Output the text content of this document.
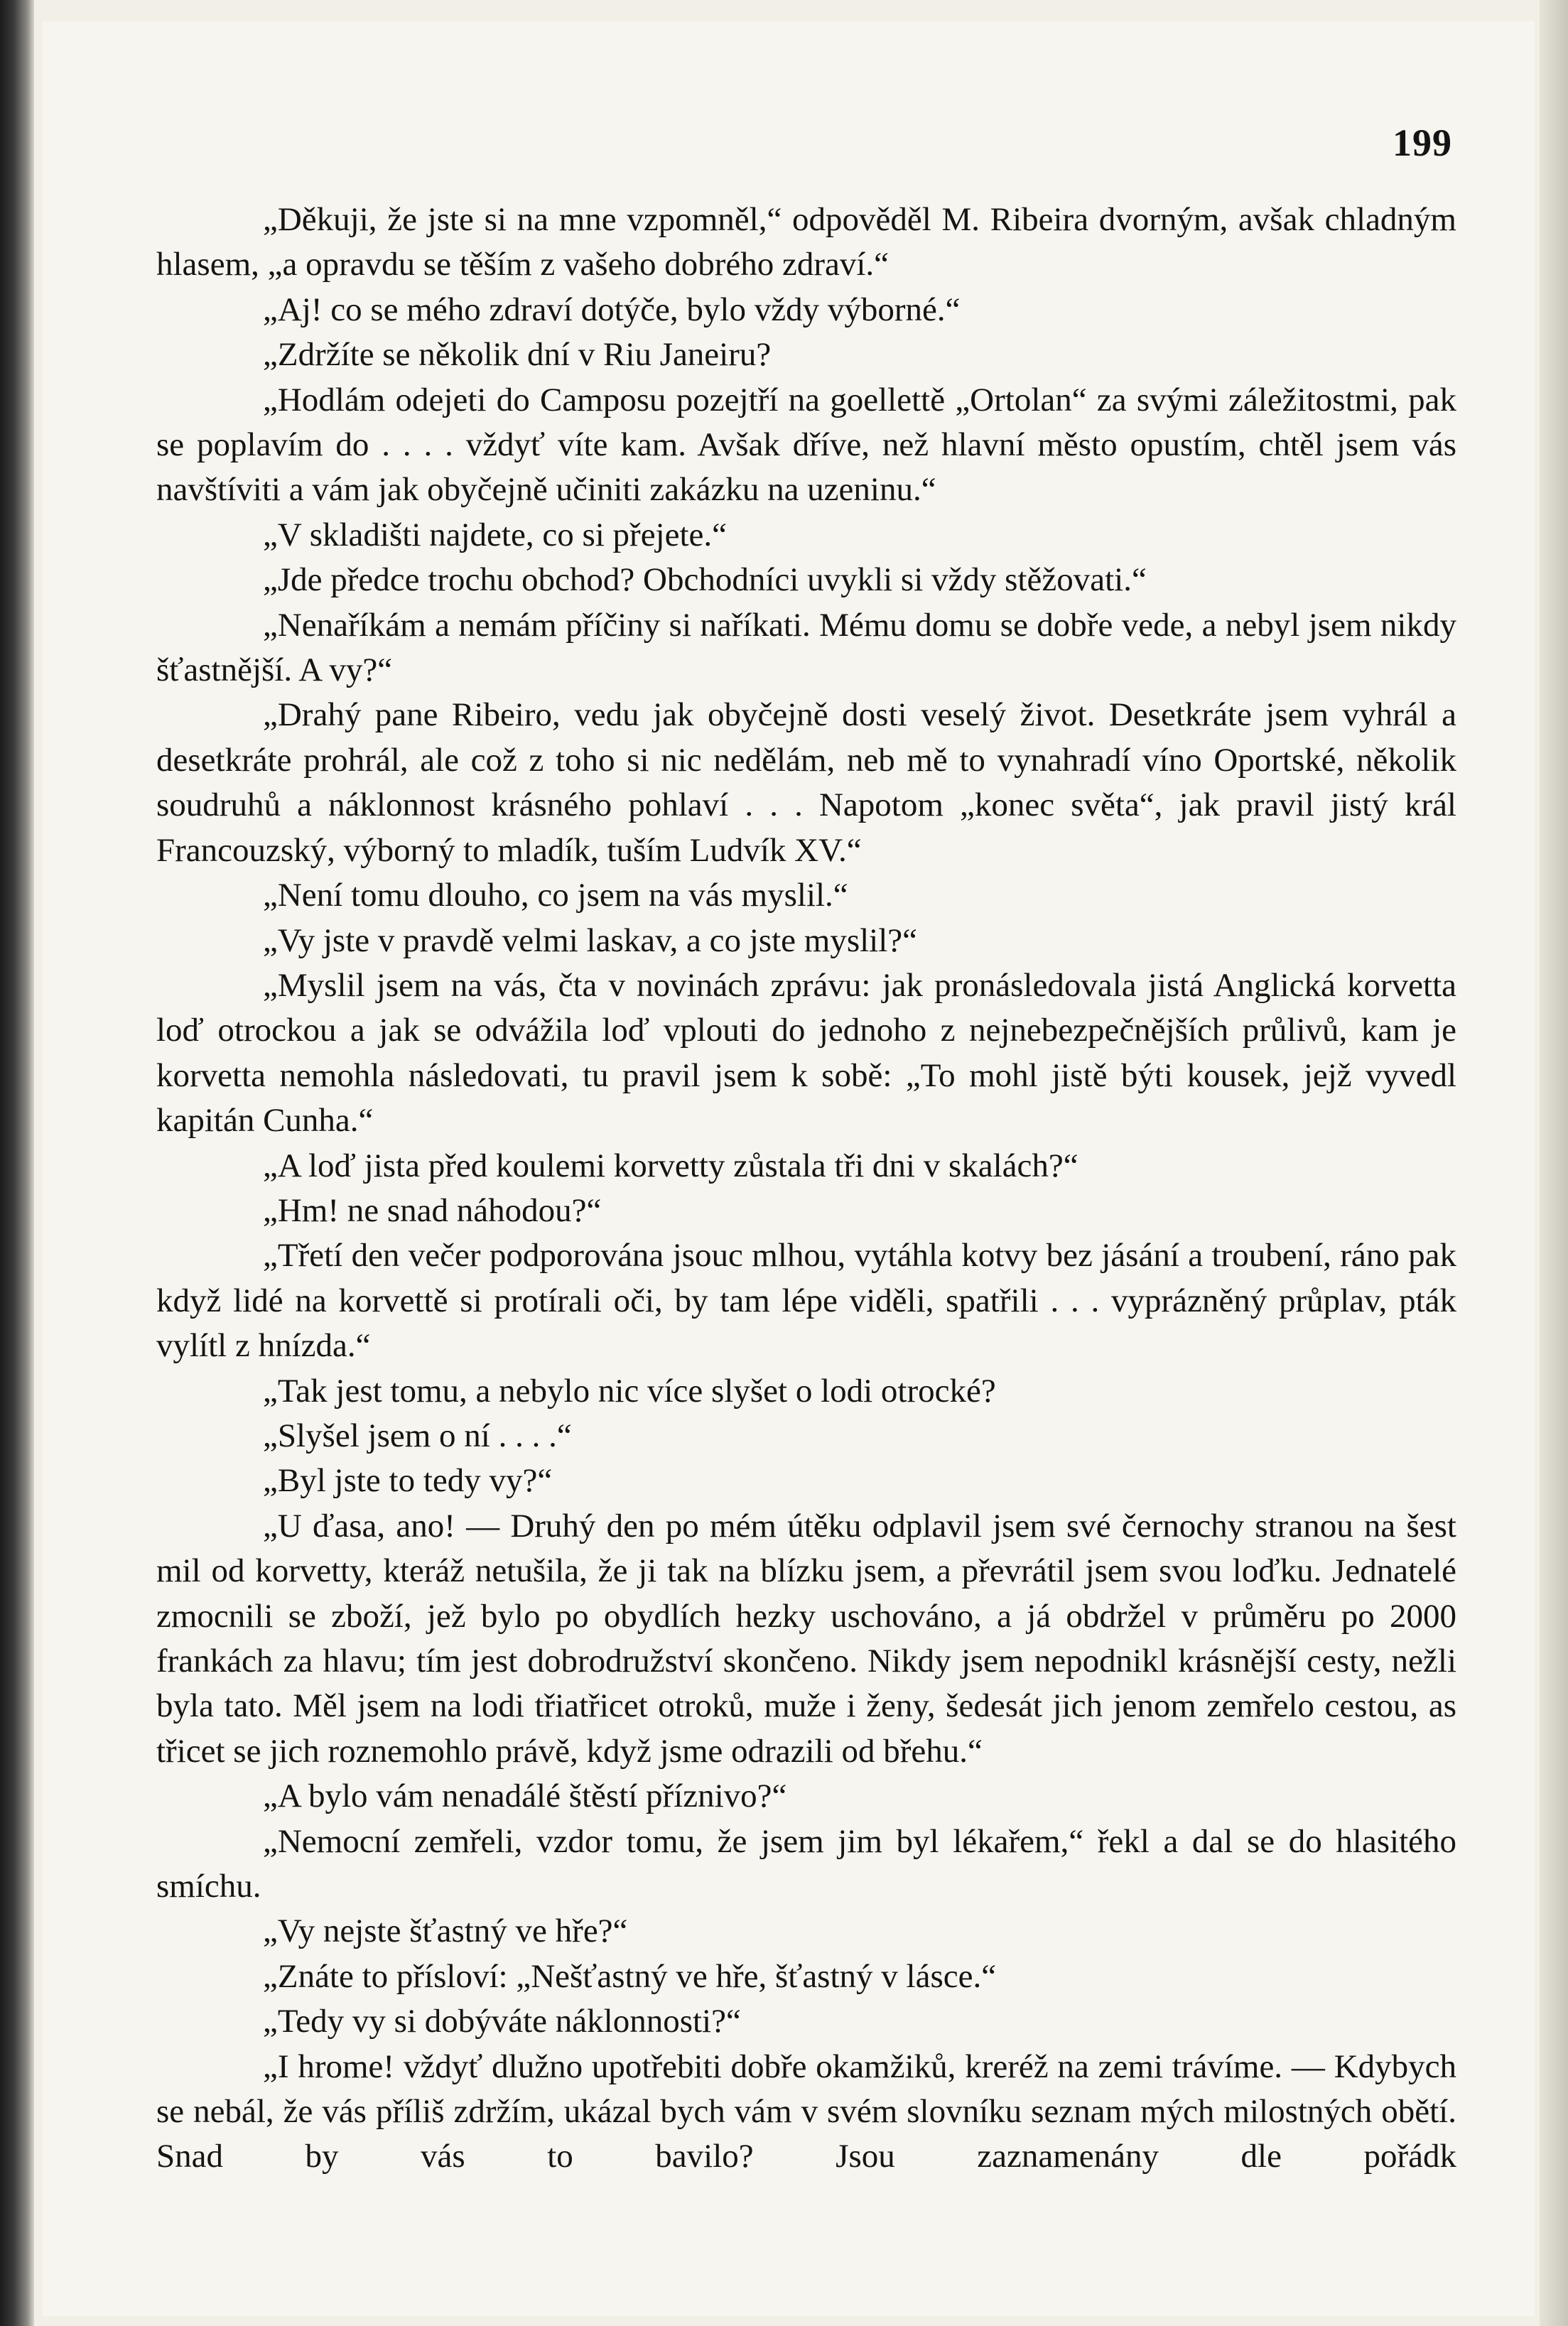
199

„Děkuji, že jste si na mne vzpomněl,“ odpověděl M. Ribeira dvorným, avšak chladným hlasem, „a opravdu se těším z vašeho dobrého zdraví.“

„Aj! co se mého zdraví dotýče, bylo vždy výborné.“

„Zdržíte se několik dní v Riu Janeiru?

„Hodlám odejeti do Camposu pozejtří na goellettě „Ortolan“ za svými záležitostmi, pak se poplavím do . . . . vždyť víte kam. Avšak dříve, než hlavní město opustím, chtěl jsem vás navštíviti a vám jak obyčejně učiniti zakázku na uzeninu.“

„V skladišti najdete, co si přejete.“

„Jde předce trochu obchod? Obchodníci uvykli si vždy stěžovati.“

„Nenaříkám a nemám příčiny si naříkati. Mému domu se dobře vede, a nebyl jsem nikdy šťastnější. A vy?“

„Drahý pane Ribeiro, vedu jak obyčejně dosti veselý život. Desetkráte jsem vyhrál a desetkráte prohrál, ale což z toho si nic nedělám, neb mě to vynahradí víno Oportské, několik soudruhů a náklonnost krásného pohlaví . . . Napotom „konec světa“, jak pravil jistý král Francouzský, výborný to mladík, tuším Ludvík XV.“

„Není tomu dlouho, co jsem na vás myslil.“

„Vy jste v pravdě velmi laskav, a co jste myslil?“

„Myslil jsem na vás, čta v novinách zprávu: jak pronásledovala jistá Anglická korvetta loď otrockou a jak se odvážila loď vplouti do jednoho z nejnebezpečnějších průlivů, kam je korvetta nemohla následovati, tu pravil jsem k sobě: „To mohl jistě býti kousek, jejž vyvedl kapitán Cunha.“

„A loď jista před koulemi korvetty zůstala tři dni v skalách?“

„Hm! ne snad náhodou?“

„Třetí den večer podporována jsouc mlhou, vytáhla kotvy bez jásání a troubení, ráno pak když lidé na korvettě si protírali oči, by tam lépe viděli, spatřili . . . vyprázněný průplav, pták vylítl z hnízda.“

„Tak jest tomu, a nebylo nic více slyšet o lodi otrocké?

„Slyšel jsem o ní . . . .“

„Byl jste to tedy vy?“

„U ďasa, ano! — Druhý den po mém útěku odplavil jsem své černochy stranou na šest mil od korvetty, kteráž netušila, že ji tak na blízku jsem, a převrátil jsem svou loďku. Jednatelé zmocnili se zboží, jež bylo po obydlích hezky uschováno, a já obdržel v průměru po 2000 frankách za hlavu; tím jest dobrodružství skončeno. Nikdy jsem nepodnikl krásnější cesty, nežli byla tato. Měl jsem na lodi třiatřicet otroků, muže i ženy, šedesát jich jenom zemřelo cestou, as třicet se jich roznemohlo právě, když jsme odrazili od břehu.“

„A bylo vám nenadálé štěstí příznivo?“

„Nemocní zemřeli, vzdor tomu, že jsem jim byl lékařem,“ řekl a dal se do hlasitého smíchu.

„Vy nejste šťastný ve hře?“

„Znáte to přísloví: „Nešťastný ve hře, šťastný v lásce.“

„Tedy vy si dobýváte náklonnosti?“

„I hrome! vždyť dlužno upotřebiti dobře okamžiků, kreréž na zemi trávíme. — Kdybych se nebál, že vás příliš zdržím, ukázal bych vám v svém slovníku seznam mých milostných obětí. Snad by vás to bavilo? Jsou zaznamenány dle pořádk
